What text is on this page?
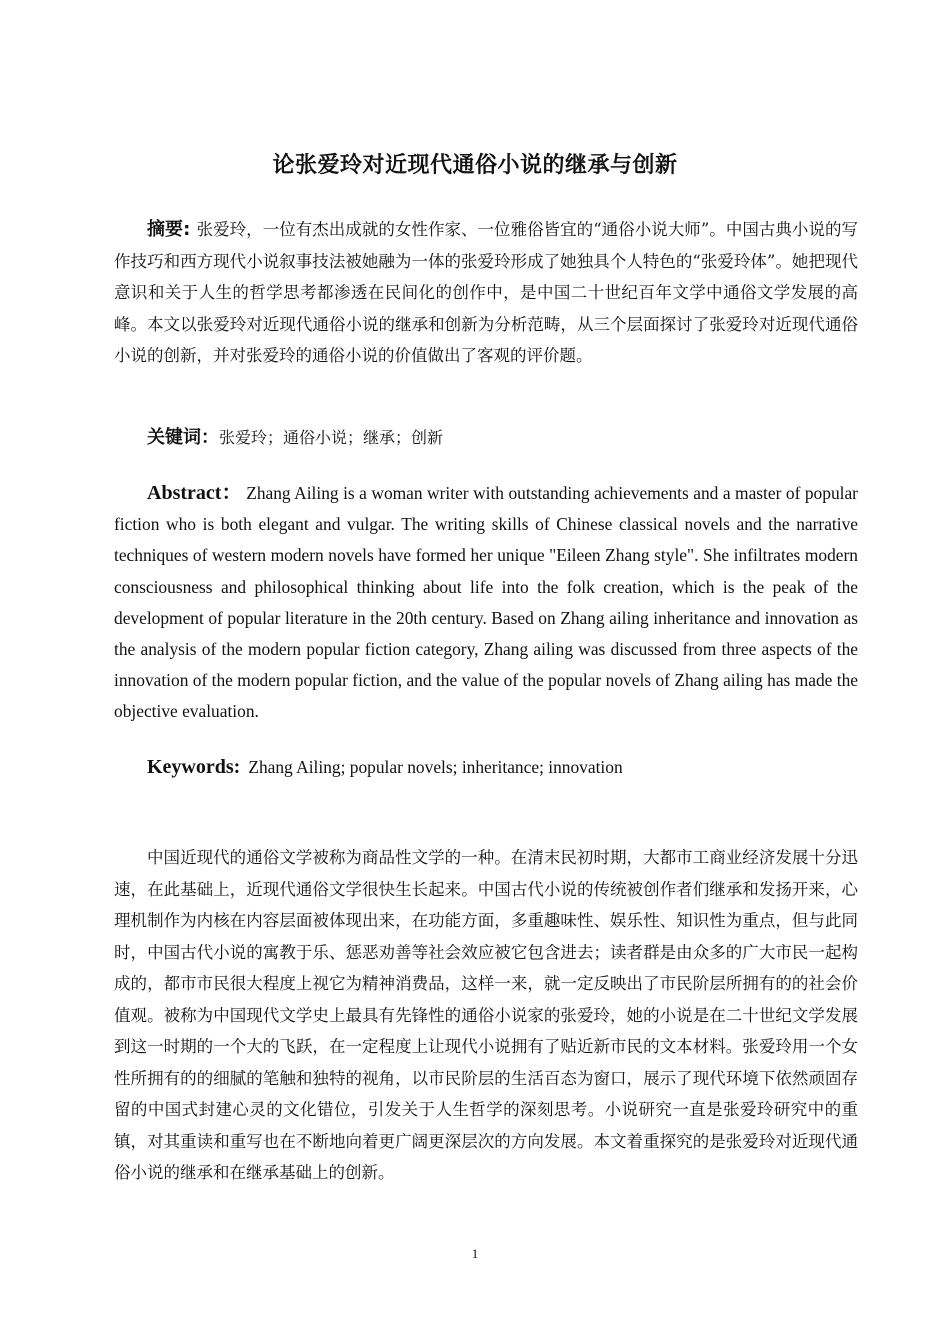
论张爱玲对近现代通俗小说的继承与创新
摘要: 张爱玲，一位有杰出成就的女性作家、一位雅俗皆宜的“通俗小说大师”。中国古典小说的写作技巧和西方现代小说叙事技法被她融为一体的张爱玲形成了她独具个人特色的“张爱玲体”。她把现代意识和关于人生的哲学思考都渗透在民间化的创作中，是中国二十世纪百年文学中通俗文学发展的高峰。本文以张爱玲对近现代通俗小说的继承和创新为分析范畴，从三个层面探讨了张爱玲对近现代通俗小说的创新，并对张爱玲的通俗小说的价值做出了客观的评价题。
关键词：张爱玲；通俗小说；继承；创新
Abstract： Zhang Ailing is a woman writer with outstanding achievements and a master of popular fiction who is both elegant and vulgar. The writing skills of Chinese classical novels and the narrative techniques of western modern novels have formed her unique "Eileen Zhang style". She infiltrates modern consciousness and philosophical thinking about life into the folk creation, which is the peak of the development of popular literature in the 20th century. Based on Zhang ailing inheritance and innovation as the analysis of the modern popular fiction category, Zhang ailing was discussed from three aspects of the innovation of the modern popular fiction, and the value of the popular novels of Zhang ailing has made the objective evaluation.
Keywords: Zhang Ailing; popular novels; inheritance; innovation
中国近现代的通俗文学被称为商品性文学的一种。在清末民初时期，大都市工商业经济发展十分迅速，在此基础上，近现代通俗文学很快生长起来。中国古代小说的传统被创作者们继承和发扬开来，心理机制作为内核在内容层面被体现出来，在功能方面，多重趣味性、娱乐性、知识性为重点，但与此同时，中国古代小说的寓教于乐、惩恶劝善等社会效应被它包含进去；读者群是由众多的广大市民一起构成的，都市市民很大程度上视它为精神消费品，这样一来，就一定反映出了市民阶层所拥有的的社会价值观。被称为中国现代文学史上最具有先锋性的通俗小说家的张爱玲，她的小说是在二十世纪文学发展到这一时期的一个大的飞跃，在一定程度上让现代小说拥有了贴近新市民的文本材料。张爱玲用一个女性所拥有的的细腻的笔触和独特的视角，以市民阶层的生活百态为窗口，展示了现代环境下依然顽固存留的中国式封建心灵的文化错位，引发关于人生哲学的深刻思考。小说研究一直是张爱玲研究中的重镇，对其重读和重写也在不断地向着更广阔更深层次的方向发展。本文着重探究的是张爱玲对近现代通俗小说的继承和在继承基础上的创新。
1
